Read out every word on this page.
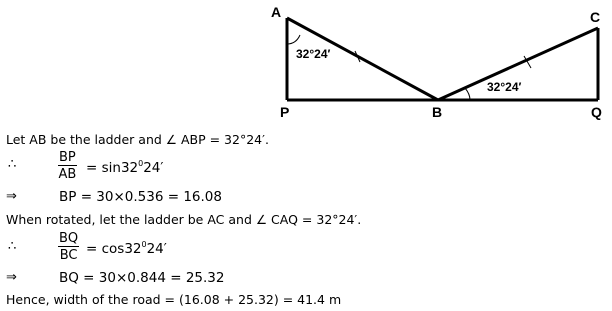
A
P	B
C
Q
32°24′
32°24′
Let AB be the ladder and ∠ ABP = 32°24′.
∴	$\frac{BP}{AB} = \sin 32^024'$
⇒	BP = 30×0.536 = 16.08
When rotated, let the ladder be AC and ∠ CAQ = 32°24′.
∴	$\frac{BQ}{BC} = \cos 32^024'$
⇒	BQ = 30×0.844 = 25.32
Hence, width of the road = (16.08 + 25.32) = 41.4 m
